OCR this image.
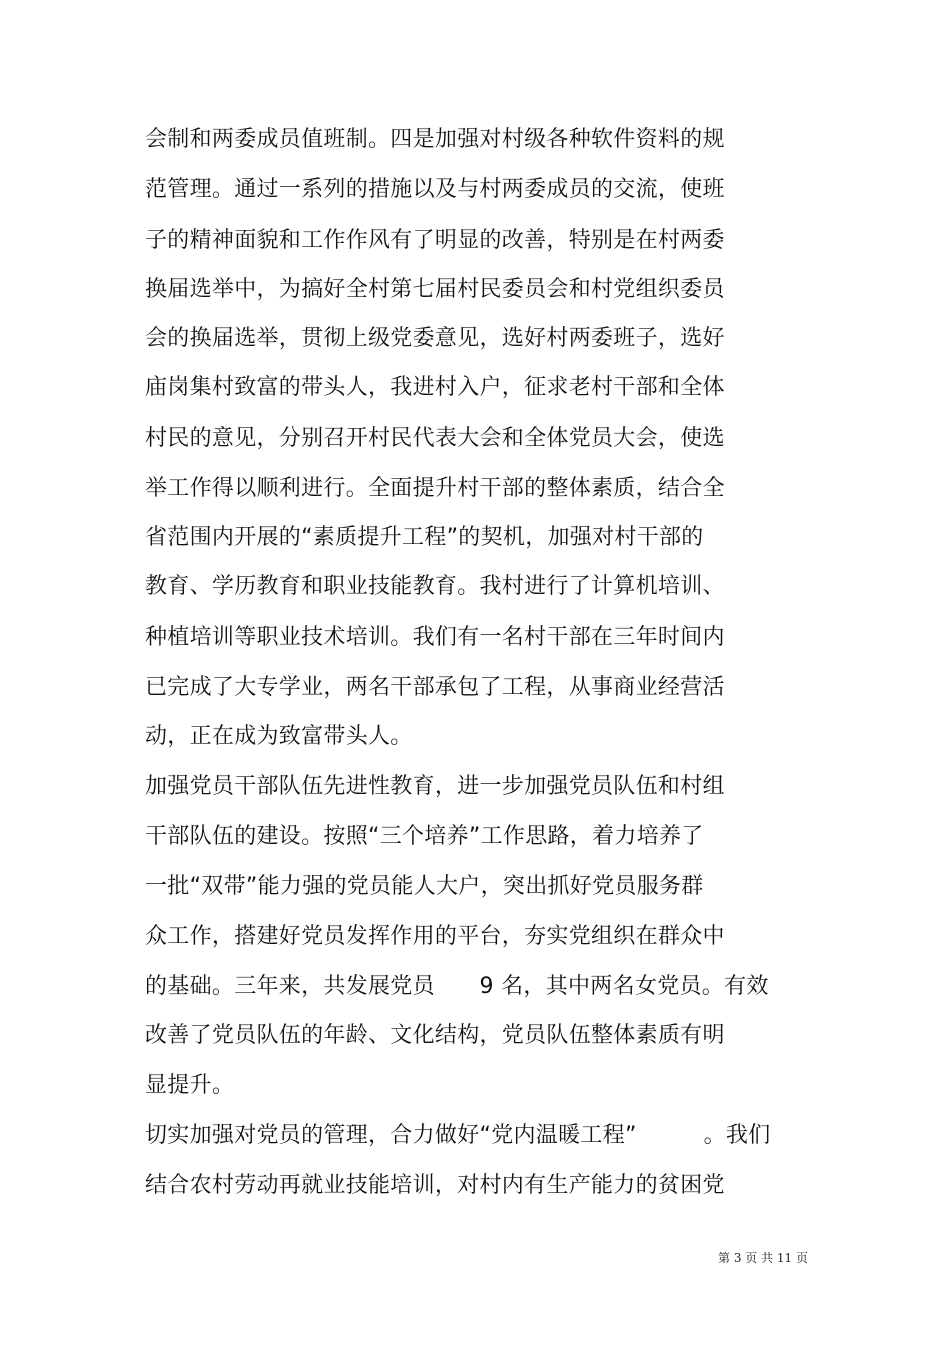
会制和两委成员值班制。四是加强对村级各种软件资料的规
范管理。通过一系列的措施以及与村两委成员的交流，使班
子的精神面貌和工作作风有了明显的改善，特别是在村两委
换届选举中，为搞好全村第七届村民委员会和村党组织委员
会的换届选举，贯彻上级党委意见，选好村两委班子，选好
庙岗集村致富的带头人，我进村入户，征求老村干部和全体
村民的意见，分别召开村民代表大会和全体党员大会，使选
举工作得以顺利进行。全面提升村干部的整体素质，结合全
省范围内开展的“素质提升工程”的契机，加强对村干部的
教育、学历教育和职业技能教育。我村进行了计算机培训、
种植培训等职业技术培训。我们有一名村干部在三年时间内
已完成了大专学业，两名干部承包了工程，从事商业经营活
动，正在成为致富带头人。
加强党员干部队伍先进性教育，进一步加强党员队伍和村组
干部队伍的建设。按照“三个培养”工作思路，着力培养了
一批“双带”能力强的党员能人大户，突出抓好党员服务群
众工作，搭建好党员发挥作用的平台，夯实党组织在群众中
的基础。三年来，共发展党员　　9 名，其中两名女党员。有效
改善了党员队伍的年龄、文化结构，党员队伍整体素质有明
显提升。
切实加强对党员的管理，合力做好“党内温暖工程”　　　。我们
结合农村劳动再就业技能培训，对村内有生产能力的贫困党
第 3 页 共 11 页
